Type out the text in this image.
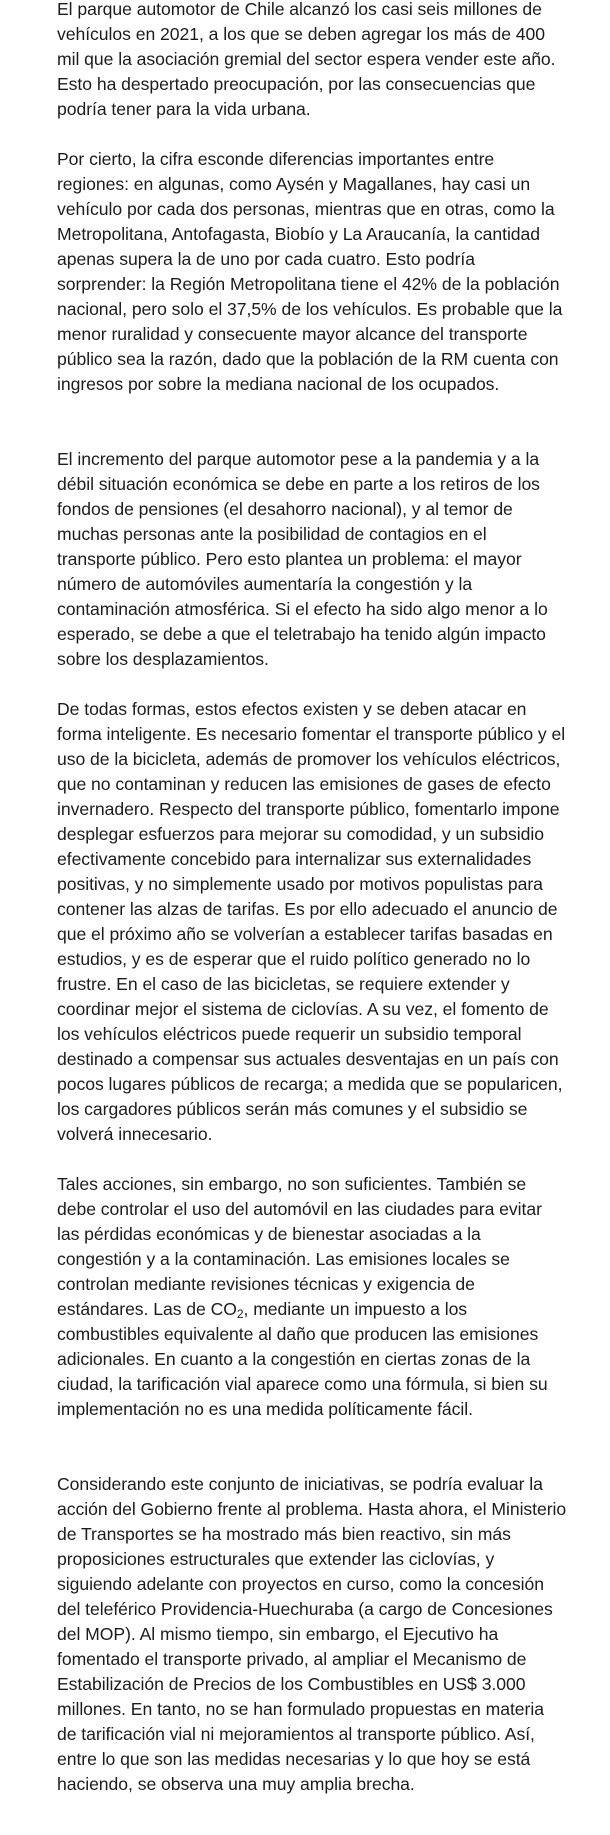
El parque automotor de Chile alcanzó los casi seis millones de vehículos en 2021, a los que se deben agregar los más de 400 mil que la asociación gremial del sector espera vender este año. Esto ha despertado preocupación, por las consecuencias que podría tener para la vida urbana.

Por cierto, la cifra esconde diferencias importantes entre regiones: en algunas, como Aysén y Magallanes, hay casi un vehículo por cada dos personas, mientras que en otras, como la Metropolitana, Antofagasta, Biobío y La Araucanía, la cantidad apenas supera la de uno por cada cuatro. Esto podría sorprender: la Región Metropolitana tiene el 42% de la población nacional, pero solo el 37,5% de los vehículos. Es probable que la menor ruralidad y consecuente mayor alcance del transporte público sea la razón, dado que la población de la RM cuenta con ingresos por sobre la mediana nacional de los ocupados.

El incremento del parque automotor pese a la pandemia y a la débil situación económica se debe en parte a los retiros de los fondos de pensiones (el desahorro nacional), y al temor de muchas personas ante la posibilidad de contagios en el transporte público. Pero esto plantea un problema: el mayor número de automóviles aumentaría la congestión y la contaminación atmosférica. Si el efecto ha sido algo menor a lo esperado, se debe a que el teletrabajo ha tenido algún impacto sobre los desplazamientos.

De todas formas, estos efectos existen y se deben atacar en forma inteligente. Es necesario fomentar el transporte público y el uso de la bicicleta, además de promover los vehículos eléctricos, que no contaminan y reducen las emisiones de gases de efecto invernadero. Respecto del transporte público, fomentarlo impone desplegar esfuerzos para mejorar su comodidad, y un subsidio efectivamente concebido para internalizar sus externalidades positivas, y no simplemente usado por motivos populistas para contener las alzas de tarifas. Es por ello adecuado el anuncio de que el próximo año se volverían a establecer tarifas basadas en estudios, y es de esperar que el ruido político generado no lo frustre. En el caso de las bicicletas, se requiere extender y coordinar mejor el sistema de ciclovías. A su vez, el fomento de los vehículos eléctricos puede requerir un subsidio temporal destinado a compensar sus actuales desventajas en un país con pocos lugares públicos de recarga; a medida que se popularicen, los cargadores públicos serán más comunes y el subsidio se volverá innecesario.

Tales acciones, sin embargo, no son suficientes. También se debe controlar el uso del automóvil en las ciudades para evitar las pérdidas económicas y de bienestar asociadas a la congestión y a la contaminación. Las emisiones locales se controlan mediante revisiones técnicas y exigencia de estándares. Las de $CO_2$, mediante un impuesto a los combustibles equivalente al daño que producen las emisiones adicionales. En cuanto a la congestión en ciertas zonas de la ciudad, la tarificación vial aparece como una fórmula, si bien su implementación no es una medida políticamente fácil.

Considerando este conjunto de iniciativas, se podría evaluar la acción del Gobierno frente al problema. Hasta ahora, el Ministerio de Transportes se ha mostrado más bien reactivo, sin más proposiciones estructurales que extender las ciclovías, y siguiendo adelante con proyectos en curso, como la concesión del teleférico Providencia-Huechuraba (a cargo de Concesiones del MOP). Al mismo tiempo, sin embargo, el Ejecutivo ha fomentado el transporte privado, al ampliar el Mecanismo de Estabilización de Precios de los Combustibles en US$ 3.000 millones. En tanto, no se han formulado propuestas en materia de tarificación vial ni mejoramientos al transporte público. Así, entre lo que son las medidas necesarias y lo que hoy se está haciendo, se observa una muy amplia brecha.
